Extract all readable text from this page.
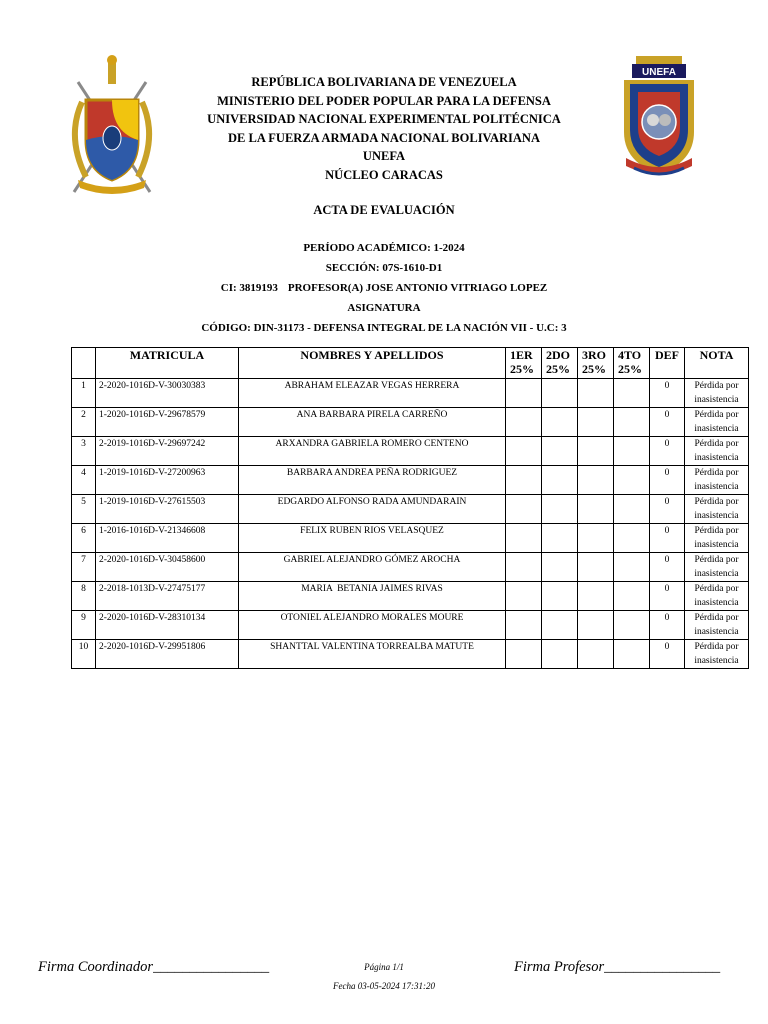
UNEFA
REPÚBLICA BOLIVARIANA DE VENEZUELA
MINISTERIO DEL PODER POPULAR PARA LA DEFENSA
UNIVERSIDAD NACIONAL EXPERIMENTAL POLITÉCNICA
DE LA FUERZA ARMADA NACIONAL BOLIVARIANA
UNEFA
NÚCLEO CARACAS
ACTA DE EVALUACIÓN
PERÍODO ACADÉMICO: 1-2024
SECCIÓN: 07S-1610-D1
CI: 3819193 PROFESOR(A) JOSE ANTONIO VITRIAGO LOPEZ
ASIGNATURA
CÓDIGO: DIN-31173 - DEFENSA INTEGRAL DE LA NACIÓN VII - U.C: 3
	MATRICULA	NOMBRES Y APELLIDOS	1ER 25%	2DO 25%	3RO 25%	4TO 25%	DEF	NOTA
1	2-2020-1016D-V-30030383	ABRAHAM ELEAZAR VEGAS HERRERA					0	Pérdida por inasistencia
2	1-2020-1016D-V-29678579	ANA BARBARA PIRELA CARREÑO					0	Pérdida por inasistencia
3	2-2019-1016D-V-29697242	ARXANDRA GABRIELA ROMERO CENTENO					0	Pérdida por inasistencia
4	1-2019-1016D-V-27200963	BARBARA ANDREA PEÑA RODRIGUEZ					0	Pérdida por inasistencia
5	1-2019-1016D-V-27615503	EDGARDO ALFONSO RADA AMUNDARAIN					0	Pérdida por inasistencia
6	1-2016-1016D-V-21346608	FELIX RUBEN RIOS VELASQUEZ					0	Pérdida por inasistencia
7	2-2020-1016D-V-30458600	GABRIEL ALEJANDRO GÓMEZ AROCHA					0	Pérdida por inasistencia
8	2-2018-1013D-V-27475177	MARIA  BETANIA JAIMES RIVAS					0	Pérdida por inasistencia
9	2-2020-1016D-V-28310134	OTONIEL ALEJANDRO MORALES MOURE					0	Pérdida por inasistencia
10	2-2020-1016D-V-29951806	SHANTTAL VALENTINA TORREALBA MATUTE					0	Pérdida por inasistencia
Firma Coordinador________________	Página 1/1	Firma Profesor________________
Fecha 03-05-2024 17:31:20
